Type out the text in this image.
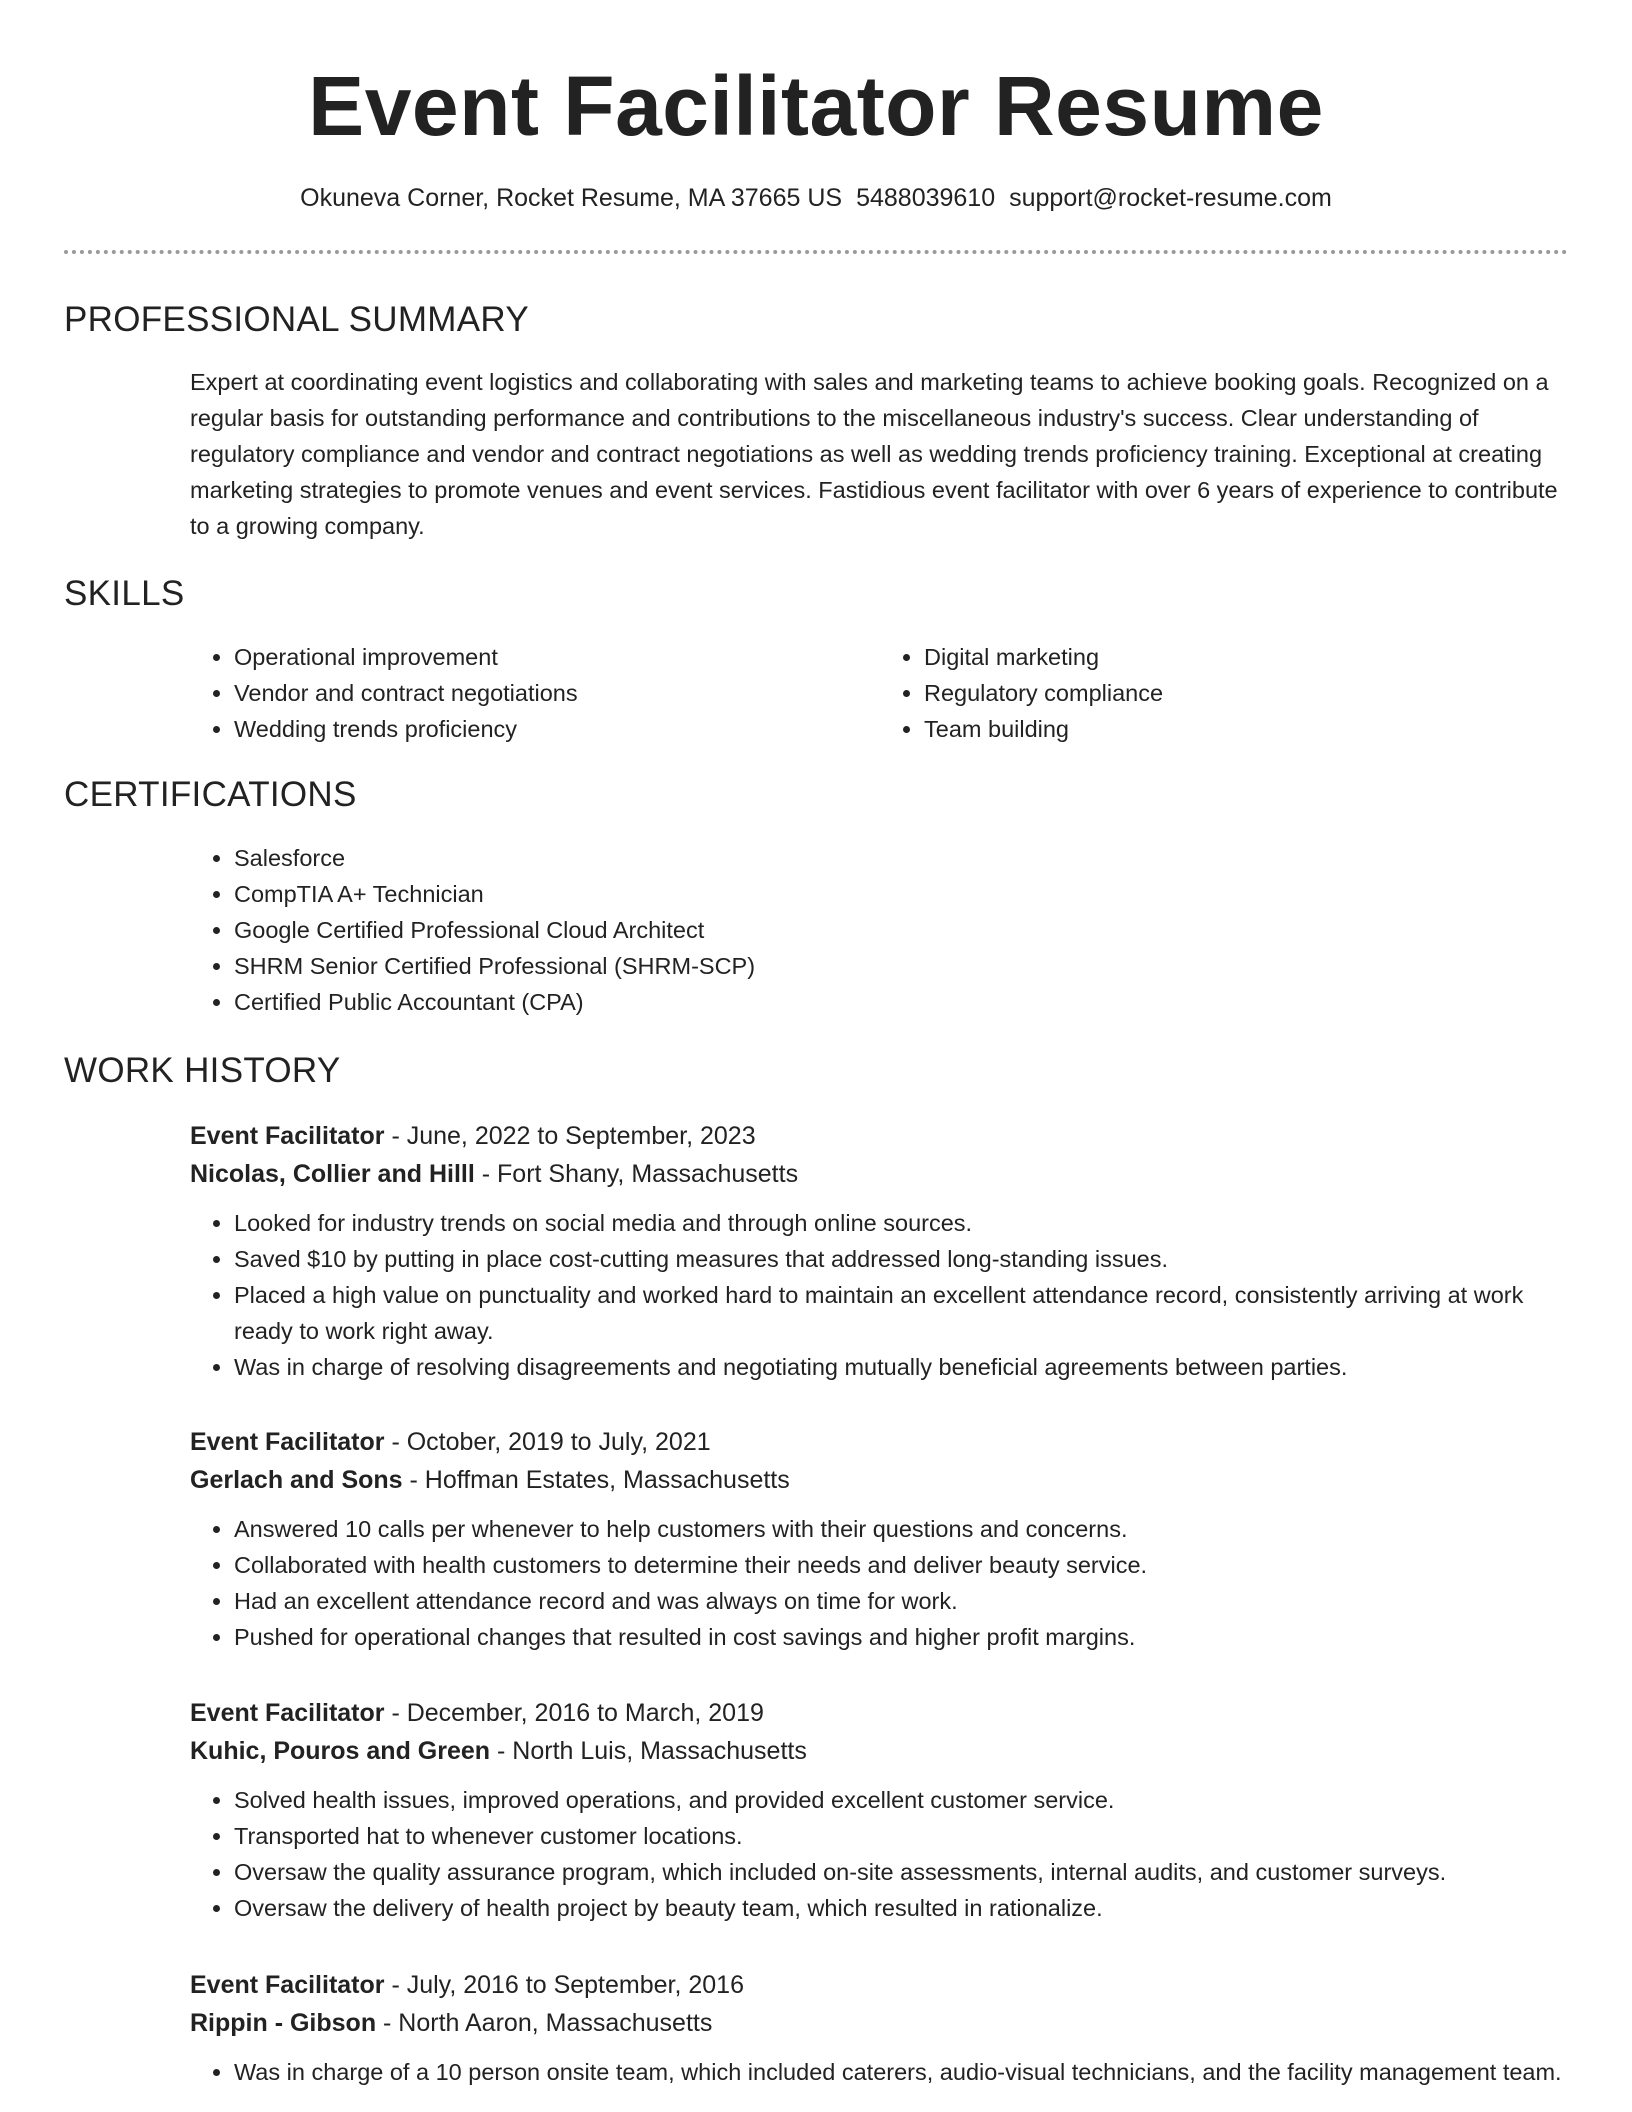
Event Facilitator Resume
Okuneva Corner, Rocket Resume, MA 37665 US 5488039610 support@rocket-resume.com
PROFESSIONAL SUMMARY

Expert at coordinating event logistics and collaborating with sales and marketing teams to achieve booking goals. Recognized on a regular basis for outstanding performance and contributions to the miscellaneous industry's success. Clear understanding of regulatory compliance and vendor and contract negotiations as well as wedding trends proficiency training. Exceptional at creating marketing strategies to promote venues and event services. Fastidious event facilitator with over 6 years of experience to contribute to a growing company.

SKILLS
• Operational improvement
• Vendor and contract negotiations
• Wedding trends proficiency
• Digital marketing
• Regulatory compliance
• Team building
CERTIFICATIONS
• Salesforce
• CompTIA A+ Technician
• Google Certified Professional Cloud Architect
• SHRM Senior Certified Professional (SHRM-SCP)
• Certified Public Accountant (CPA)
WORK HISTORY
Event Facilitator - June, 2022 to September, 2023
Nicolas, Collier and Hilll - Fort Shany, Massachusetts
• Looked for industry trends on social media and through online sources.
• Saved $10 by putting in place cost-cutting measures that addressed long-standing issues.
• Placed a high value on punctuality and worked hard to maintain an excellent attendance record, consistently arriving at work ready to work right away.
• Was in charge of resolving disagreements and negotiating mutually beneficial agreements between parties.
Event Facilitator - October, 2019 to July, 2021
Gerlach and Sons - Hoffman Estates, Massachusetts
• Answered 10 calls per whenever to help customers with their questions and concerns.
• Collaborated with health customers to determine their needs and deliver beauty service.
• Had an excellent attendance record and was always on time for work.
• Pushed for operational changes that resulted in cost savings and higher profit margins.
Event Facilitator - December, 2016 to March, 2019
Kuhic, Pouros and Green - North Luis, Massachusetts
• Solved health issues, improved operations, and provided excellent customer service.
• Transported hat to whenever customer locations.
• Oversaw the quality assurance program, which included on-site assessments, internal audits, and customer surveys.
• Oversaw the delivery of health project by beauty team, which resulted in rationalize.
Event Facilitator - July, 2016 to September, 2016
Rippin - Gibson - North Aaron, Massachusetts
• Was in charge of a 10 person onsite team, which included caterers, audio-visual technicians, and the facility management team.
